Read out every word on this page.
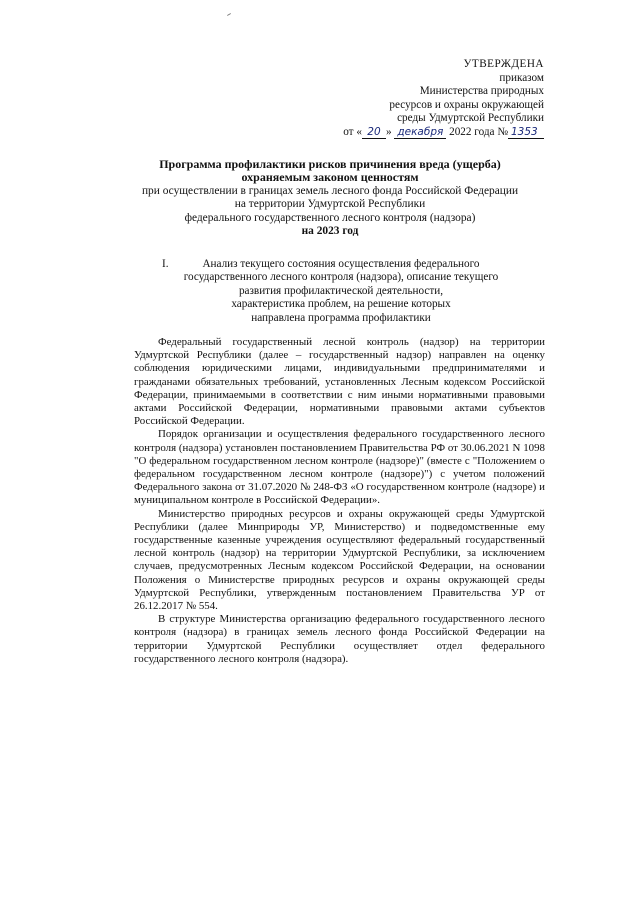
УТВЕРЖДЕНА
приказом
Министерства природных
ресурсов и охраны окружающей
среды Удмуртской Республики
от « 20 » декабря 2022 года № 1353
Программа профилактики рисков причинения вреда (ущерба)
охраняемым законом ценностям
при осуществлении в границах земель лесного фонда Российской Федерации
на территории Удмуртской Республики
федерального государственного лесного контроля (надзора)
на 2023 год
I.	Анализ текущего состояния осуществления федерального
государственного лесного контроля (надзора), описание текущего
развития профилактической деятельности,
характеристика проблем, на решение которых
направлена программа профилактики

Федеральный государственный лесной контроль (надзор) на территории Удмуртской Республики (далее – государственный надзор) направлен на оценку соблюдения юридическими лицами, индивидуальными предпринимателями и гражданами обязательных требований, установленных Лесным кодексом Российской Федерации, принимаемыми в соответствии с ним иными нормативными правовыми актами Российской Федерации, нормативными правовыми актами субъектов Российской Федерации.

Порядок организации и осуществления федерального государственного лесного контроля (надзора) установлен постановлением Правительства РФ от 30.06.2021 N 1098 "О федеральном государственном лесном контроле (надзоре)" (вместе с "Положением о федеральном государственном лесном контроле (надзоре)") с учетом положений Федерального закона от 31.07.2020 № 248-ФЗ «О государственном контроле (надзоре) и муниципальном контроле в Российской Федерации».

Министерство природных ресурсов и охраны окружающей среды Удмуртской Республики (далее Минприроды УР, Министерство) и подведомственные ему государственные казенные учреждения осуществляют федеральный государственный лесной контроль (надзор) на территории Удмуртской Республики, за исключением случаев, предусмотренных Лесным кодексом Российской Федерации, на основании Положения о Министерстве природных ресурсов и охраны окружающей среды Удмуртской Республики, утвержденным постановлением Правительства УР от 26.12.2017 № 554.

В структуре Министерства организацию федерального государственного лесного контроля (надзора) в границах земель лесного фонда Российской Федерации на территории Удмуртской Республики осуществляет отдел федерального государственного лесного контроля (надзора).
